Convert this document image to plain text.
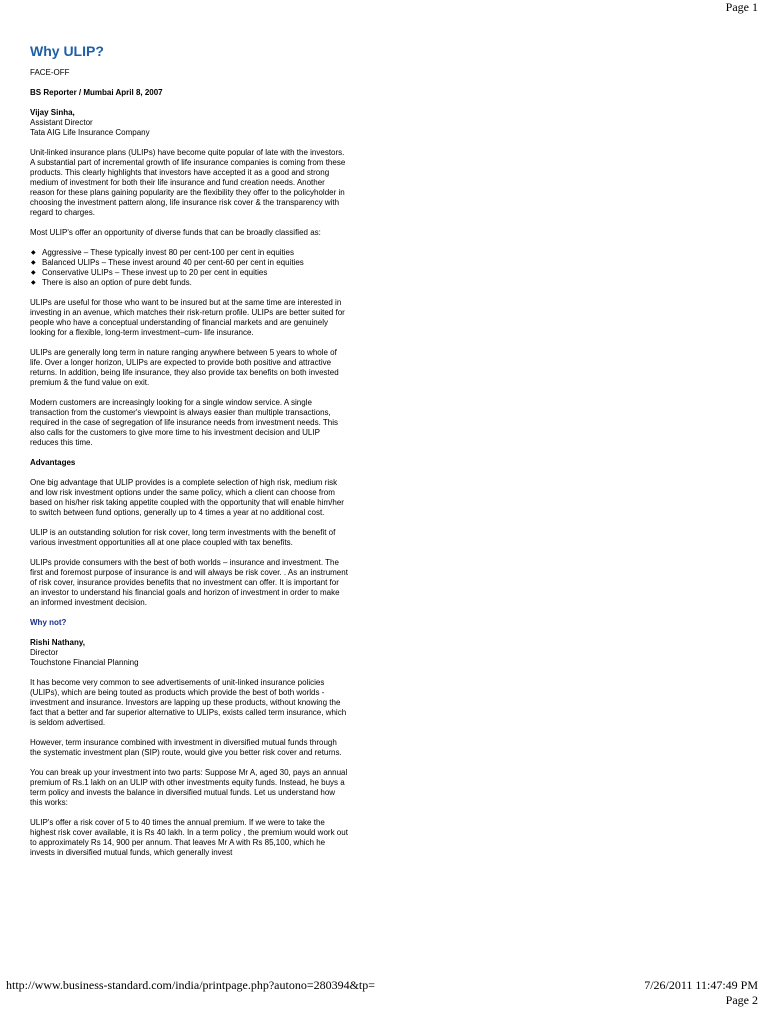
Page 1
Why ULIP?

FACE-OFF

BS Reporter / Mumbai April 8, 2007

Vijay Sinha,
Assistant Director
Tata AIG Life Insurance Company

Unit-linked insurance plans (ULIPs) have become quite popular of late with the investors. A substantial part of incremental growth of life insurance companies is coming from these products. This clearly highlights that investors have accepted it as a good and strong medium of investment for both their life insurance and fund creation needs. Another reason for these plans gaining popularity are the flexibility they offer to the policyholder in choosing the investment pattern along, life insurance risk cover & the transparency with regard to charges.

Most ULIP's offer an opportunity of diverse funds that can be broadly classified as:

◆ Aggressive – These typically invest 80 per cent-100 per cent in equities
◆ Balanced ULIPs – These invest around 40 per cent-60 per cent in equities
◆ Conservative ULIPs – These invest up to 20 per cent in equities
◆ There is also an option of pure debt funds.

ULIPs are useful for those who want to be insured but at the same time are interested in investing in an avenue, which matches their risk-return profile. ULIPs are better suited for people who have a conceptual understanding of financial markets and are genuinely looking for a flexible, long-term investment–cum- life insurance.

ULIPs are generally long term in nature ranging anywhere between 5 years to whole of life. Over a longer horizon, ULIPs are expected to provide both positive and attractive returns. In addition, being life insurance, they also provide tax benefits on both invested premium & the fund value on exit.

Modern customers are increasingly looking for a single window service. A single transaction from the customer's viewpoint is always easier than multiple transactions, required in the case of segregation of life insurance needs from investment needs. This also calls for the customers to give more time to his investment decision and ULIP reduces this time.

Advantages

One big advantage that ULIP provides is a complete selection of high risk, medium risk and low risk investment options under the same policy, which a client can choose from based on his/her risk taking appetite coupled with the opportunity that will enable him/her to switch between fund options, generally up to 4 times a year at no additional cost.

ULIP is an outstanding solution for risk cover, long term investments with the benefit of various investment opportunities all at one place coupled with tax benefits.

ULIPs provide consumers with the best of both worlds – insurance and investment. The first and foremost purpose of insurance is and will always be risk cover. . As an instrument of risk cover, insurance provides benefits that no investment can offer. It is important for an investor to understand his financial goals and horizon of investment in order to make an informed investment decision.

Why not?
Rishi Nathany,
Director
Touchstone Financial Planning

It has become very common to see advertisements of unit-linked insurance policies (ULIPs), which are being touted as products which provide the best of both worlds - investment and insurance. Investors are lapping up these products, without knowing the fact that a better and far superior alternative to ULIPs, exists called term insurance, which is seldom advertised.

However, term insurance combined with investment in diversified mutual funds through the systematic investment plan (SIP) route, would give you better risk cover and returns.

You can break up your investment into two parts: Suppose Mr A, aged 30, pays an annual premium of Rs.1 lakh on an ULIP with other investments equity funds. Instead, he buys a term policy and invests the balance in diversified mutual funds. Let us understand how this works:

ULIP's offer a risk cover of 5 to 40 times the annual premium. If we were to take the highest risk cover available, it is Rs 40 lakh. In a term policy , the premium would work out to approximately Rs 14, 900 per annum. That leaves Mr A with Rs 85,100, which he invests in diversified mutual funds, which generally invest

http://www.business-standard.com/india/printpage.php?autono=280394&tp=	7/26/2011 11:47:49 PM
Page 2
